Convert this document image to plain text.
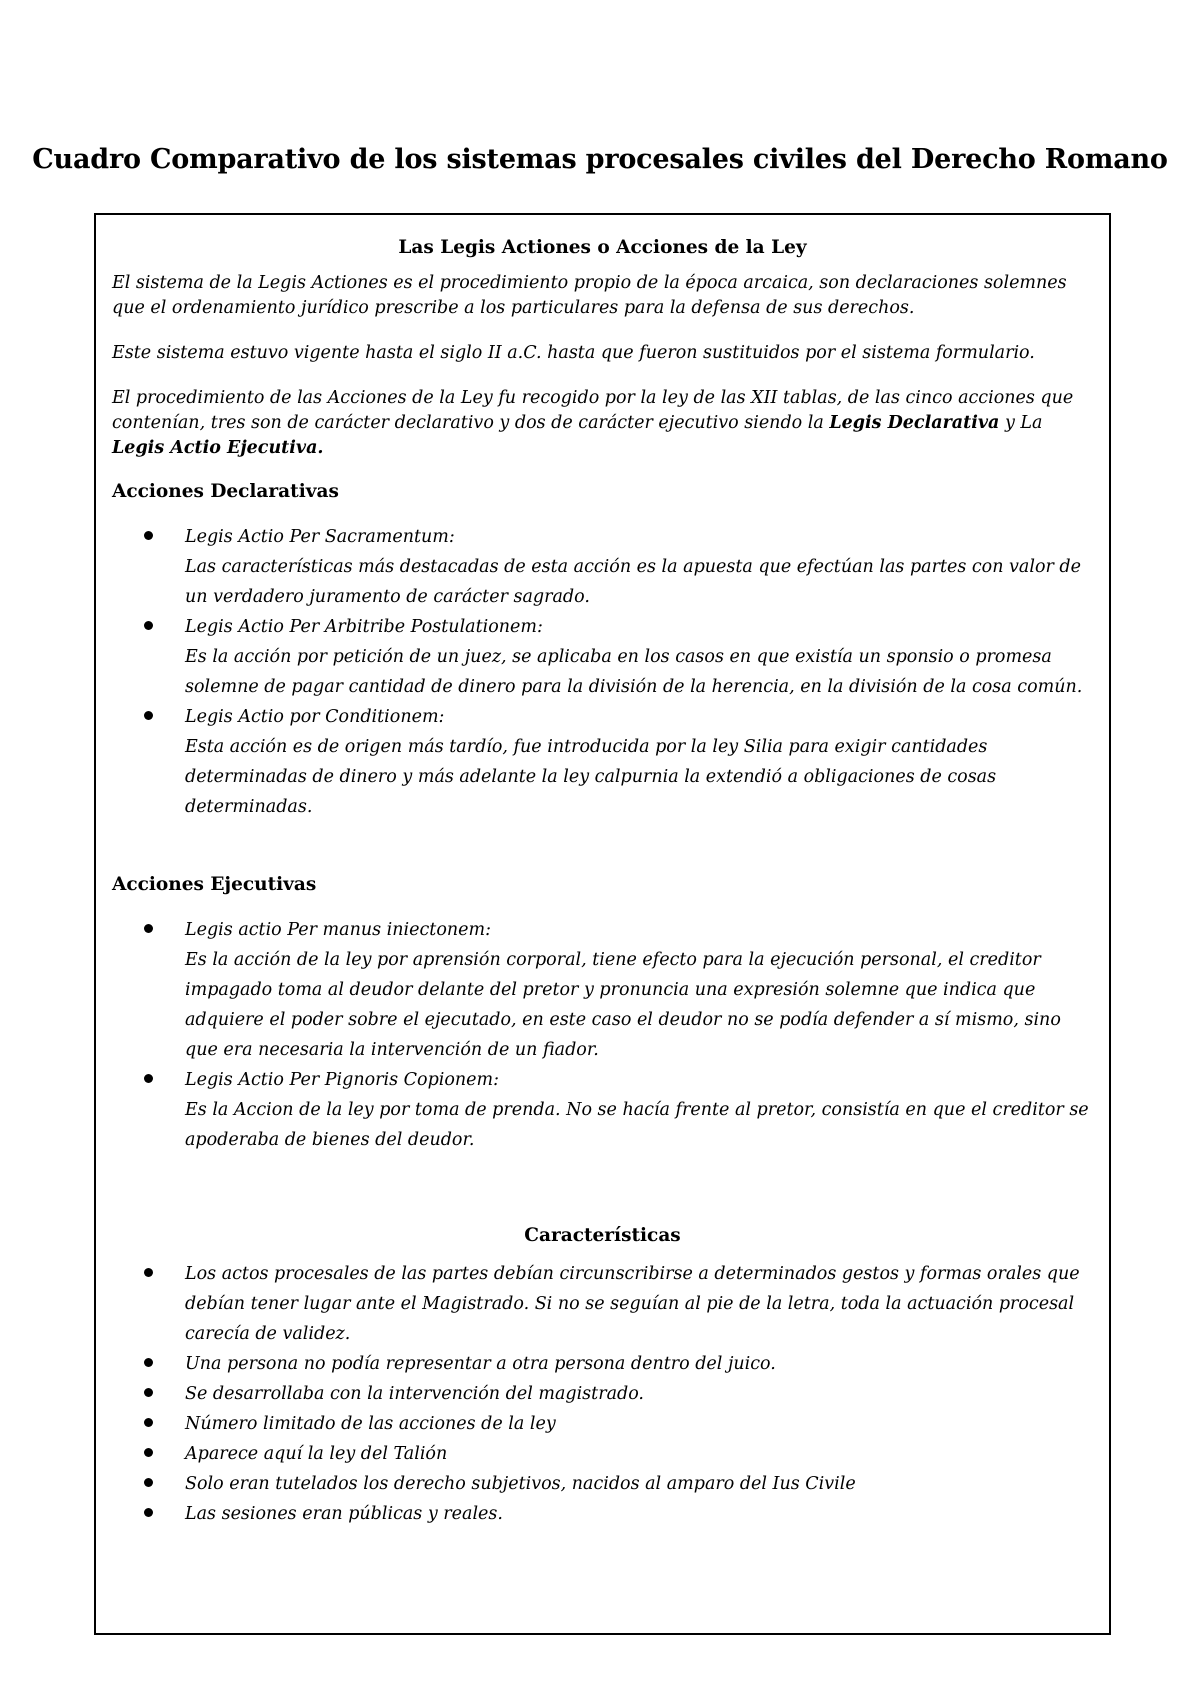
Cuadro Comparativo de los sistemas procesales civiles del Derecho Romano
Las Legis Actiones o Acciones de la Ley

El sistema de la Legis Actiones es el procedimiento propio de la época arcaica, son declaraciones solemnes que el ordenamiento jurídico prescribe a los particulares para la defensa de sus derechos.

Este sistema estuvo vigente hasta el siglo II a.C. hasta que fueron sustituidos por el sistema formulario.

El procedimiento de las Acciones de la Ley fu recogido por la ley de las XII tablas, de las cinco acciones que contenían, tres son de carácter declarativo y dos de carácter ejecutivo siendo la Legis Declarativa y La Legis Actio Ejecutiva.

Acciones Declarativas
Legis Actio Per Sacramentum:
Las características más destacadas de esta acción es la apuesta que efectúan las partes con valor de un verdadero juramento de carácter sagrado.
Legis Actio Per Arbitribe Postulationem:
Es la acción por petición de un juez, se aplicaba en los casos en que existía un sponsio o promesa solemne de pagar cantidad de dinero para la división de la herencia, en la división de la cosa común.
Legis Actio por Conditionem:
Esta acción es de origen más tardío, fue introducida por la ley Silia para exigir cantidades determinadas de dinero y más adelante la ley calpurnia la extendió a obligaciones de cosas determinadas.
Acciones Ejecutivas
Legis actio Per manus iniectonem:
Es la acción de la ley por aprensión corporal, tiene efecto para la ejecución personal, el creditor impagado toma al deudor delante del pretor y pronuncia una expresión solemne que indica que adquiere el poder sobre el ejecutado, en este caso el deudor no se podía defender a sí mismo, sino que era necesaria la intervención de un fiador.
Legis Actio Per Pignoris Copionem:
Es la Accion de la ley por toma de prenda. No se hacía frente al pretor, consistía en que el creditor se apoderaba de bienes del deudor.
Características
Los actos procesales de las partes debían circunscribirse a determinados gestos y formas orales que debían tener lugar ante el Magistrado. Si no se seguían al pie de la letra, toda la actuación procesal carecía de validez.
Una persona no podía representar a otra persona dentro del juico.
Se desarrollaba con la intervención del magistrado.
Número limitado de las acciones de la ley
Aparece aquí la ley del Talión
Solo eran tutelados los derecho subjetivos, nacidos al amparo del Ius Civile
Las sesiones eran públicas y reales.
